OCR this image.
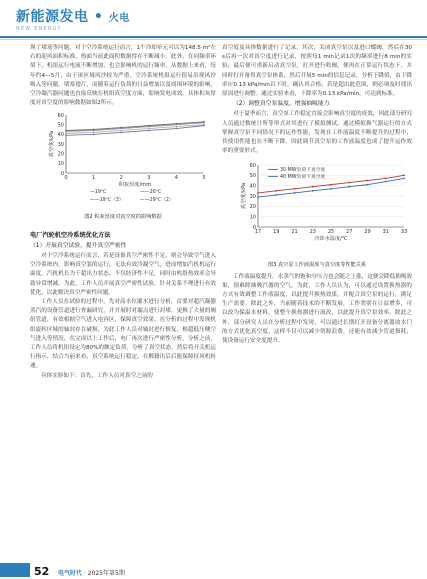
新能源发电 • 火电
NEW ENERGY

现了堵塞等问题，对于空冷系统运行而言，1个冷却单元可以为148.5 m²左右的迎风面积标准，热面当前此面积数据得在不断减小。此外，在同频率环境下，机组运行电流不断增加，也会影响机的运行频率，从数据上来看，每年约4—5月，由于该区域风沙较为严重，空冷系统机组运行很易出现风沙吸入等问题，堵塞翅片，而随着运行负荷的日益增加以及周围环境的影响，空冷凝汽器问题也直接反映在机组真空度方面，影响发电成效。具体积灰厚度对真空度的影响数据如图2所示。

0
10
20
30
40
50
60
0	1	2	3	4	5
积灰厚度/mm
真空度/kPa
—19℃	——20℃
——19℃（3）	——29℃（2）
图2 积灰厚度对真空度的影响数据
电厂汽轮机空冷系统优化方法
（1）开展真空试验，提升真空严密性

对于空冷系统运行而言，若是设备真空严密性不足，则会导致空气进入空冷系统内，影响真空装的运行，无法有效冷凝空气，进而增加汽机机运行温度。汽机机长为干超出力状态，不仅经济性不足，同时由机组热效率会导致异常增减。为此，工作人员开展真空严密性试验，针对关系不理进行有效优化，以此解决真空严密性问题。

工作人员在试验的过程中，先对高水位灌水进行分析，首要对超汽凝器蒸汽的设备管道进行查漏研究，并开展时对漏点进行封堵。更换了大量的阀组管道，有效根据空气进入电容区，保障真空效果。在分析的过程中发现机组旋转区域的轴封存在破损，为此工作人员对轴封进行修复，根超低压侧空气进入等情况，在完成以上工作后，电厂再次进行严密性分析，分析之前，工作人员将机组设定为80%的额定负荷，分析了真空状态，然后将开关机运行指示，结合当前来看，真空系统运行稳定，在解籍出后后能保障持风机转速。

具体实验如下：首先，工作人员对真空之前的

真空度及具体数据进行了记录。其次，关闭真空泵以及进口蝶阀，然后在30 s后再一次对真空度进行记录，按照每1 min记录1次的频率进行8 min的实验，最后便可重新启动真空泵，打开进行收阀，便再在正常运行状态下，并同时打开备用真空泵体系，然后开展5 min的信息记录，分析下降值，由下降率应0.13 kPa/min以下时，确认其合格；若是超出此范围，则必须及时找出原因进行调整。通过实验来看，下降率为0.13 kPa/min，可达到标准。

（2）调整真空泵温度，增强抽吸能力

对于夏季而言，真空泵工作稳定直接会影响真空度的成效，因此部分研究人员通过数统计所等形式对其进行了模拟测试。通过模拟换气器运行的方式掌握真空泵不同情况下的运作性能，发现在工作液温度不断提升的过程中，其使用性能也在不断下降。因此调节真空泵的工作液温度也成了提升运作效率的重要形式。

0
10
20
30
40
50
60
17 19 21 23 25 27 29 31 33
冷却水温度/℃
真空度/kPa
30 MW负荷下真空度
40 MW负荷下真空度
图3 真空泵工作液温度与真空度等性能关系

工作液温度提升，水蒸气的饱和分压力也会随之上涨，这便会降低抽吸效果，很难除抽吸汽器的空气。为此，工作人员认为，可以通过设置换热器的方式有效调整工作液温度，以此提升换热效果，并配合真空泵的运行，满足生产需要。除此之外，当前随着技术的不断发展，工作类别在日益增多，可以改为保温水材料，使整个换热器进行流改，以此提升真空泵效率。除此之外，部分研究人员在分析过程中发现，可以通过长期打开设备分离器放水门的方式优化真空度，这样不仅可以减少资源浪费，还能有效减少管道损耗，使设备运行安全度提升。

52 电气时代 · 2025年第5期
